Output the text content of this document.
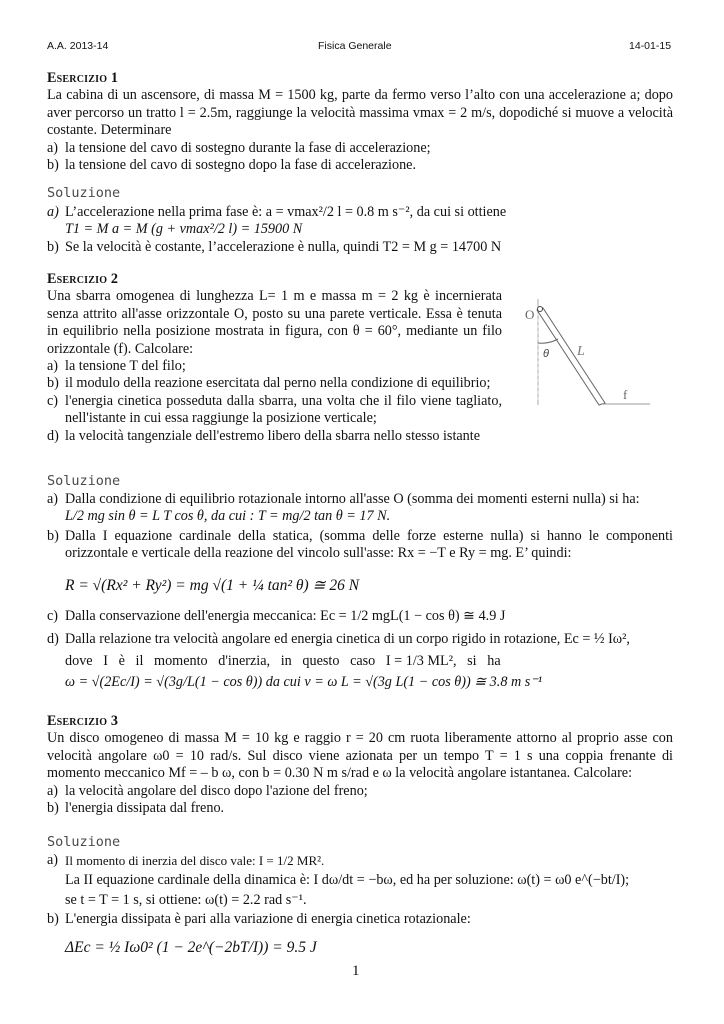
A.A. 2013-14	Fisica Generale	14-01-15

Esercizio 1

La cabina di un ascensore, di massa M = 1500 kg, parte da fermo verso l’alto con una accelerazione a; dopo aver percorso un tratto l = 2.5m, raggiunge la velocità massima vmax = 2 m/s, dopodiché si muove a velocità costante. Determinare

a) la tensione del cavo di sostegno durante la fase di accelerazione;
b) la tensione del cavo di sostegno dopo la fase di accelerazione.
Soluzione
a) L’accelerazione nella prima fase è: a = vmax²/2 l = 0.8 m s⁻², da cui si ottiene
T1 = M a = M (g + vmax²/2 l) = 15900 N
b) Se la velocità è costante, l’accelerazione è nulla, quindi T2 = M g = 14700 N

Esercizio 2

Una sbarra omogenea di lunghezza L= 1 m e massa m = 2 kg è incernierata senza attrito all'asse orizzontale O, posto su una parete verticale. Essa è tenuta in equilibrio nella posizione mostrata in figura, con θ = 60°, mediante un filo orizzontale (f). Calcolare:

a) la tensione T del filo;
b) il modulo della reazione esercitata dal perno nella condizione di equilibrio;
c) l'energia cinetica posseduta dalla sbarra, una volta che il filo viene tagliato, nell'istante in cui essa raggiunge la posizione verticale;
d) la velocità tangenziale dell'estremo libero della sbarra nello stesso istante
O
θ L
f
Soluzione
a) Dalla condizione di equilibrio rotazionale intorno all'asse O (somma dei momenti esterni nulla) si ha:

L/2 mg sin θ = L T cos θ, da cui : T = mg/2 tan θ = 17 N.

b) Dalla I equazione cardinale della statica, (somma delle forze esterne nulla) si hanno le componenti orizzontale e verticale della reazione del vincolo sull'asse: Rx = −T e Ry = mg. E’ quindi:

R = √(Rx² + Ry²) = mg √(1 + ¼ tan² θ) ≅ 26 N

c) Dalla conservazione dell'energia meccanica: Ec = 1/2 mgL(1 − cos θ) ≅ 4.9 J
d) Dalla relazione tra velocità angolare ed energia cinetica di un corpo rigido in rotazione, Ec = ½ Iω²,

dove   I   è   il   momento   d'inerzia,   in   questo   caso   I = 1/3 ML²,   si   ha

ω = √(2Ec/I) = √(3g/L(1 − cos θ)) da cui v = ω L = √(3g L(1 − cos θ)) ≅ 3.8 m s⁻¹

Esercizio 3

Un disco omogeneo di massa M = 10 kg e raggio r = 20 cm ruota liberamente attorno al proprio asse con velocità angolare ω0 = 10 rad/s. Sul disco viene azionata per un tempo T = 1 s una coppia frenante di momento meccanico Mf = – b ω, con b = 0.30 N m s/rad e ω la velocità angolare istantanea. Calcolare:

a) la velocità angolare del disco dopo l'azione del freno;
b) l'energia dissipata dal freno.
Soluzione
a) Il momento di inerzia del disco vale: I = 1/2 MR².

La II equazione cardinale della dinamica è: I dω/dt = −bω, ed ha per soluzione: ω(t) = ω0 e^(−bt/I);

se t = T = 1 s, si ottiene: ω(t) = 2.2 rad s⁻¹.

b) L'energia dissipata è pari alla variazione di energia cinetica rotazionale:

ΔEc = ½ Iω0² (1 − 2e^(−2bT/I)) = 9.5 J

1
